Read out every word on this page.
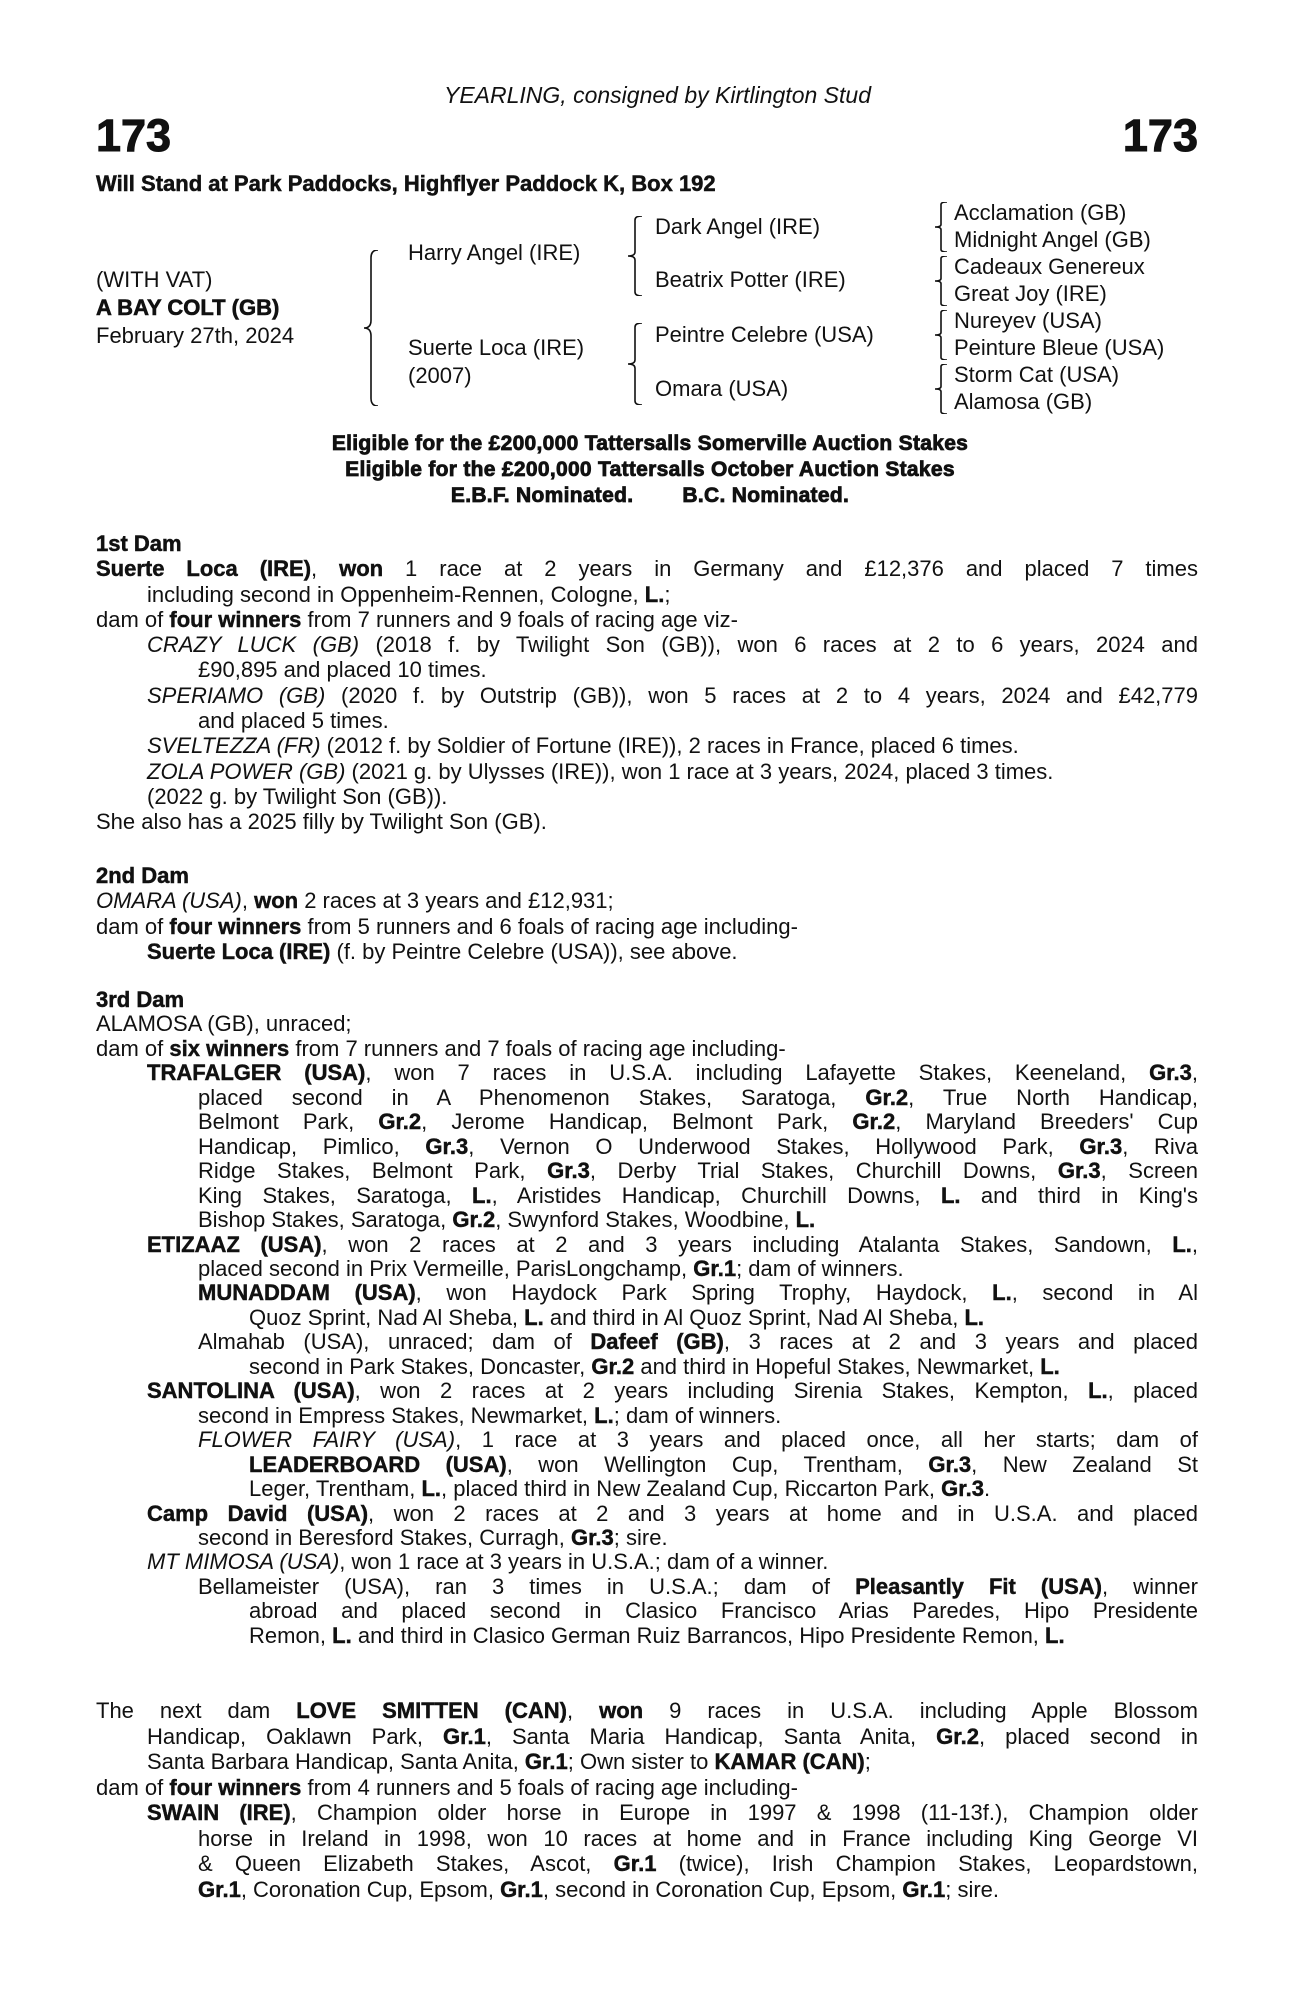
YEARLING, consigned by Kirtlington Stud
173	173
Will Stand at Park Paddocks, Highflyer Paddock K, Box 192
(WITH VAT)
A BAY COLT (GB)
February 27th, 2024
Harry Angel (IRE)
Suerte Loca (IRE)
(2007)
Dark Angel (IRE)
Beatrix Potter (IRE)
Peintre Celebre (USA)
Omara (USA)
Acclamation (GB)
Midnight Angel (GB)
Cadeaux Genereux
Great Joy (IRE)
Nureyev (USA)
Peinture Bleue (USA)
Storm Cat (USA)
Alamosa (GB)
Eligible for the £200,000 Tattersalls Somerville Auction Stakes
Eligible for the £200,000 Tattersalls October Auction Stakes
E.B.F. Nominated.        B.C. Nominated.
1st Dam
Suerte Loca (IRE), won 1 race at 2 years in Germany and £12,376 and placed 7 times
including second in Oppenheim-Rennen, Cologne, L.;
dam of four winners from 7 runners and 9 foals of racing age viz-
CRAZY LUCK (GB) (2018 f. by Twilight Son (GB)), won 6 races at 2 to 6 years, 2024 and
£90,895 and placed 10 times.
SPERIAMO (GB) (2020 f. by Outstrip (GB)), won 5 races at 2 to 4 years, 2024 and £42,779
and placed 5 times.
SVELTEZZA (FR) (2012 f. by Soldier of Fortune (IRE)), 2 races in France, placed 6 times.
ZOLA POWER (GB) (2021 g. by Ulysses (IRE)), won 1 race at 3 years, 2024, placed 3 times.
(2022 g. by Twilight Son (GB)).
She also has a 2025 filly by Twilight Son (GB).
2nd Dam
OMARA (USA), won 2 races at 3 years and £12,931;
dam of four winners from 5 runners and 6 foals of racing age including-
Suerte Loca (IRE) (f. by Peintre Celebre (USA)), see above.
3rd Dam
ALAMOSA (GB), unraced;
dam of six winners from 7 runners and 7 foals of racing age including-
TRAFALGER (USA), won 7 races in U.S.A. including Lafayette Stakes, Keeneland, Gr.3,
placed second in A Phenomenon Stakes, Saratoga, Gr.2, True North Handicap,
Belmont Park, Gr.2, Jerome Handicap, Belmont Park, Gr.2, Maryland Breeders' Cup
Handicap, Pimlico, Gr.3, Vernon O Underwood Stakes, Hollywood Park, Gr.3, Riva
Ridge Stakes, Belmont Park, Gr.3, Derby Trial Stakes, Churchill Downs, Gr.3, Screen
King Stakes, Saratoga, L., Aristides Handicap, Churchill Downs, L. and third in King's
Bishop Stakes, Saratoga, Gr.2, Swynford Stakes, Woodbine, L.
ETIZAAZ (USA), won 2 races at 2 and 3 years including Atalanta Stakes, Sandown, L.,
placed second in Prix Vermeille, ParisLongchamp, Gr.1; dam of winners.
MUNADDAM (USA), won Haydock Park Spring Trophy, Haydock, L., second in Al
Quoz Sprint, Nad Al Sheba, L. and third in Al Quoz Sprint, Nad Al Sheba, L.
Almahab (USA), unraced; dam of Dafeef (GB), 3 races at 2 and 3 years and placed
second in Park Stakes, Doncaster, Gr.2 and third in Hopeful Stakes, Newmarket, L.
SANTOLINA (USA), won 2 races at 2 years including Sirenia Stakes, Kempton, L., placed
second in Empress Stakes, Newmarket, L.; dam of winners.
FLOWER FAIRY (USA), 1 race at 3 years and placed once, all her starts; dam of
LEADERBOARD (USA), won Wellington Cup, Trentham, Gr.3, New Zealand St
Leger, Trentham, L., placed third in New Zealand Cup, Riccarton Park, Gr.3.
Camp David (USA), won 2 races at 2 and 3 years at home and in U.S.A. and placed
second in Beresford Stakes, Curragh, Gr.3; sire.
MT MIMOSA (USA), won 1 race at 3 years in U.S.A.; dam of a winner.
Bellameister (USA), ran 3 times in U.S.A.; dam of Pleasantly Fit (USA), winner
abroad and placed second in Clasico Francisco Arias Paredes, Hipo Presidente
Remon, L. and third in Clasico German Ruiz Barrancos, Hipo Presidente Remon, L.
The next dam LOVE SMITTEN (CAN), won 9 races in U.S.A. including Apple Blossom
Handicap, Oaklawn Park, Gr.1, Santa Maria Handicap, Santa Anita, Gr.2, placed second in
Santa Barbara Handicap, Santa Anita, Gr.1; Own sister to KAMAR (CAN);
dam of four winners from 4 runners and 5 foals of racing age including-
SWAIN (IRE), Champion older horse in Europe in 1997 & 1998 (11-13f.), Champion older
horse in Ireland in 1998, won 10 races at home and in France including King George VI
& Queen Elizabeth Stakes, Ascot, Gr.1 (twice), Irish Champion Stakes, Leopardstown,
Gr.1, Coronation Cup, Epsom, Gr.1, second in Coronation Cup, Epsom, Gr.1; sire.
